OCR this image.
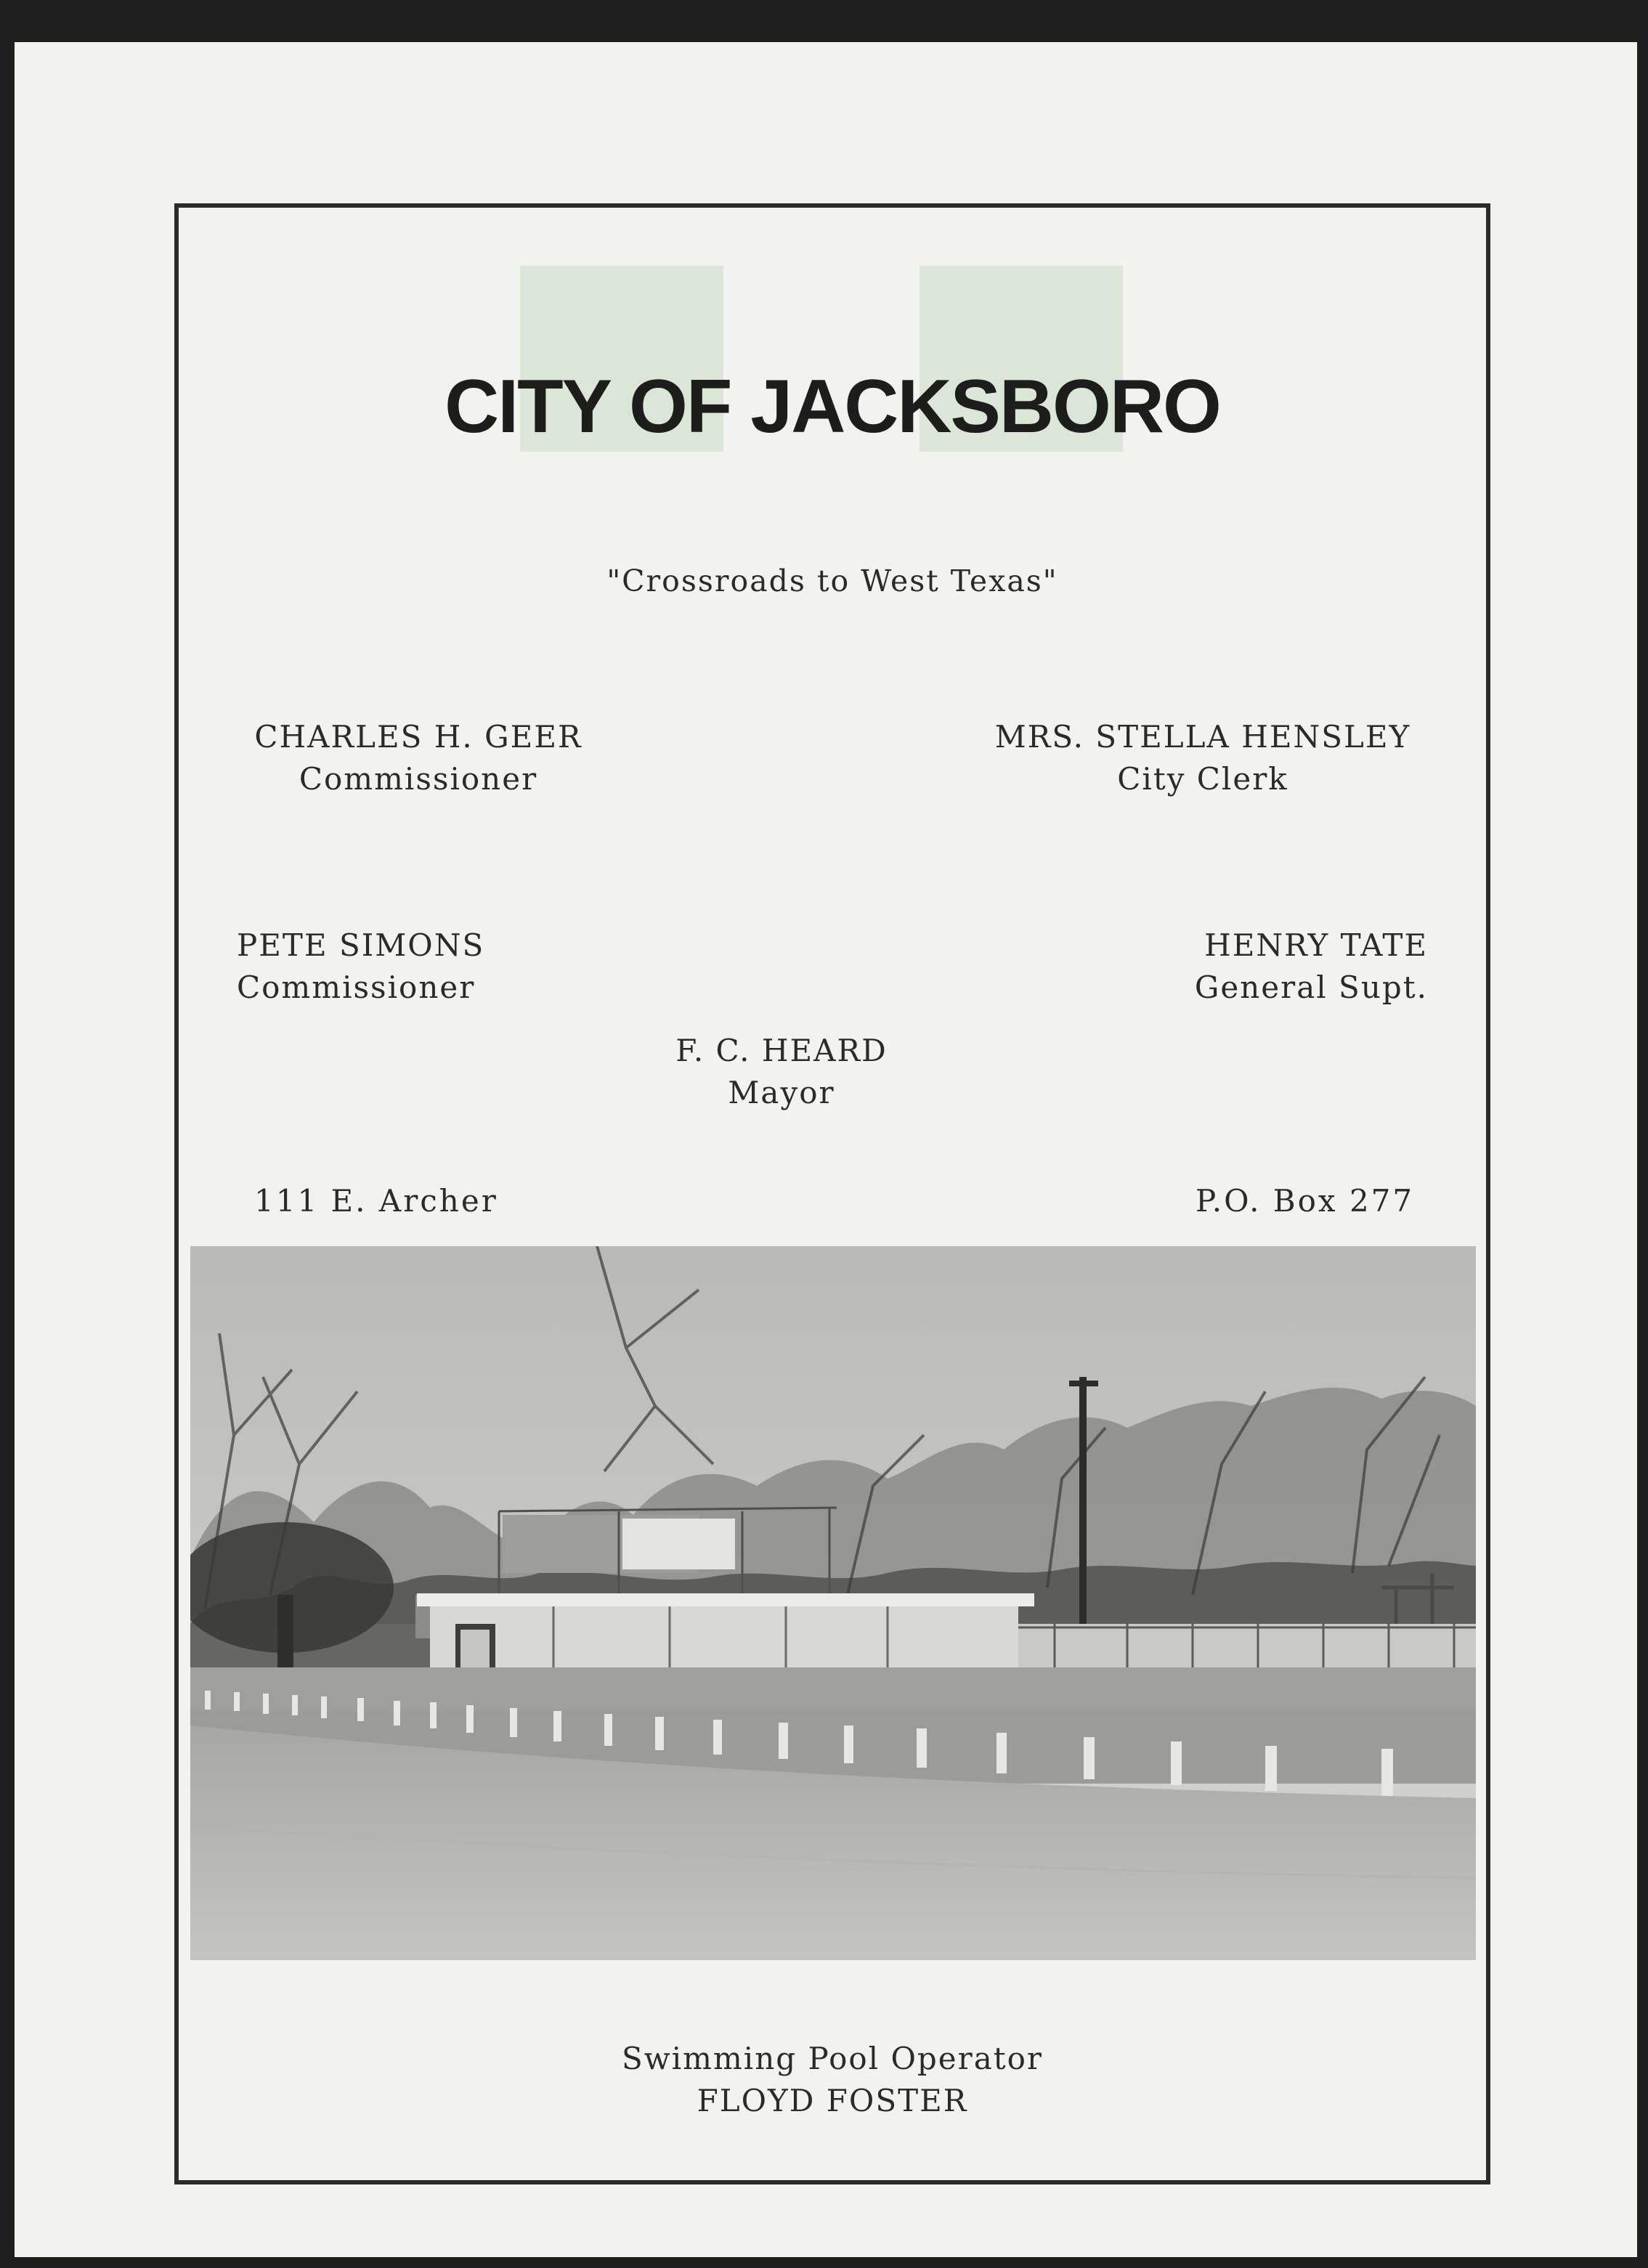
CITY OF JACKSBORO
"Crossroads to West Texas"
CHARLES H. GEER
Commissioner
MRS. STELLA HENSLEY
City Clerk
PETE SIMONS
Commissioner
HENRY TATE
General Supt.
F. C. HEARD
Mayor
111 E. Archer	P.O. Box 277
Swimming Pool Operator
FLOYD FOSTER
